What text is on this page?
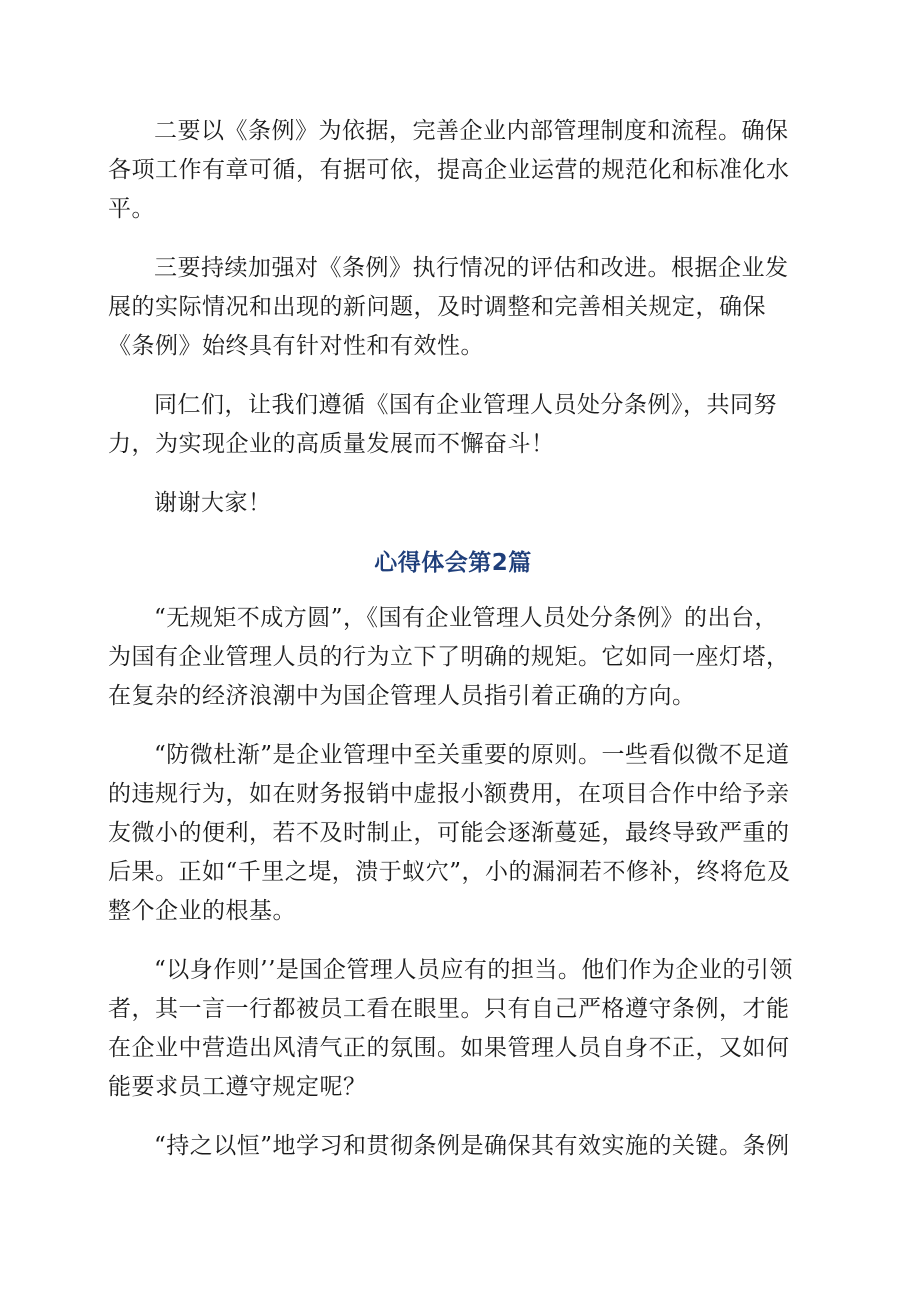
二要以《条例》为依据，完善企业内部管理制度和流程。确保各项工作有章可循，有据可依，提高企业运营的规范化和标准化水平。

三要持续加强对《条例》执行情况的评估和改进。根据企业发展的实际情况和出现的新问题，及时调整和完善相关规定，确保《条例》始终具有针对性和有效性。

同仁们，让我们遵循《国有企业管理人员处分条例》，共同努力，为实现企业的高质量发展而不懈奋斗！

谢谢大家！

心得体会第2篇

“无规矩不成方圆”，《国有企业管理人员处分条例》的出台，为国有企业管理人员的行为立下了明确的规矩。它如同一座灯塔，在复杂的经济浪潮中为国企管理人员指引着正确的方向。

“防微杜渐”是企业管理中至关重要的原则。一些看似微不足道的违规行为，如在财务报销中虚报小额费用，在项目合作中给予亲友微小的便利，若不及时制止，可能会逐渐蔓延，最终导致严重的后果。正如“千里之堤，溃于蚁穴”，小的漏洞若不修补，终将危及整个企业的根基。

“以身作则’’是国企管理人员应有的担当。他们作为企业的引领者，其一言一行都被员工看在眼里。只有自己严格遵守条例，才能在企业中营造出风清气正的氛围。如果管理人员自身不正，又如何能要求员工遵守规定呢？

“持之以恒”地学习和贯彻条例是确保其有效实施的关键。条例
